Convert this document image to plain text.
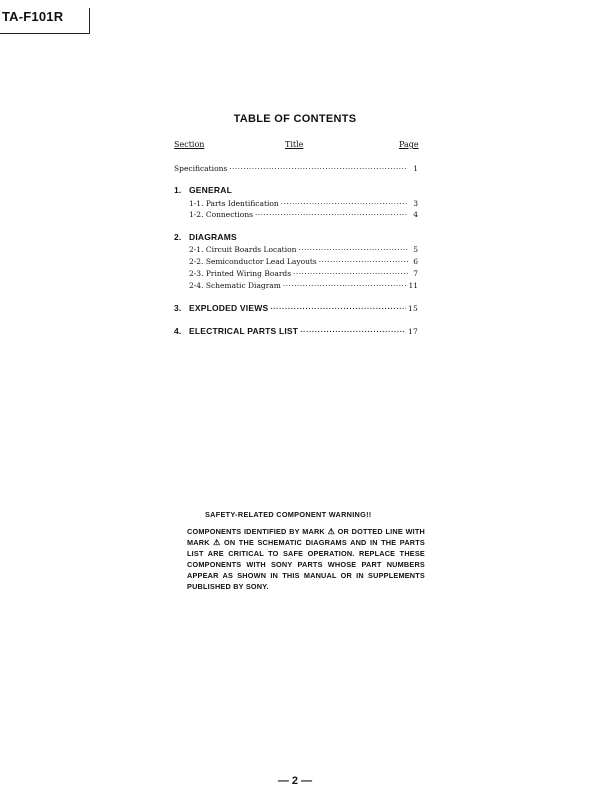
TA-F101R
TABLE OF CONTENTS
Section	Title	Page
Specifications ·····	1
1. GENERAL
1-1. Parts Identification ·····	3
1-2. Connections ·····	4
2. DIAGRAMS
2-1. Circuit Boards Location ·····	5
2-2. Semiconductor Lead Layouts ·····	6
2-3. Printed Wiring Boards ·····	7
2-4. Schematic Diagram ·····	11
3. EXPLODED VIEWS ·····	15
4. ELECTRICAL PARTS LIST ·····	17
SAFETY-RELATED COMPONENT WARNING!!
COMPONENTS IDENTIFIED BY MARK ⚠ OR DOTTED LINE WITH MARK ⚠ ON THE SCHEMATIC DIAGRAMS AND IN THE PARTS LIST ARE CRITICAL TO SAFE OPERATION. REPLACE THESE COMPONENTS WITH SONY PARTS WHOSE PART NUMBERS APPEAR AS SHOWN IN THIS MANUAL OR IN SUPPLEMENTS PUBLISHED BY SONY.
— 2 —
